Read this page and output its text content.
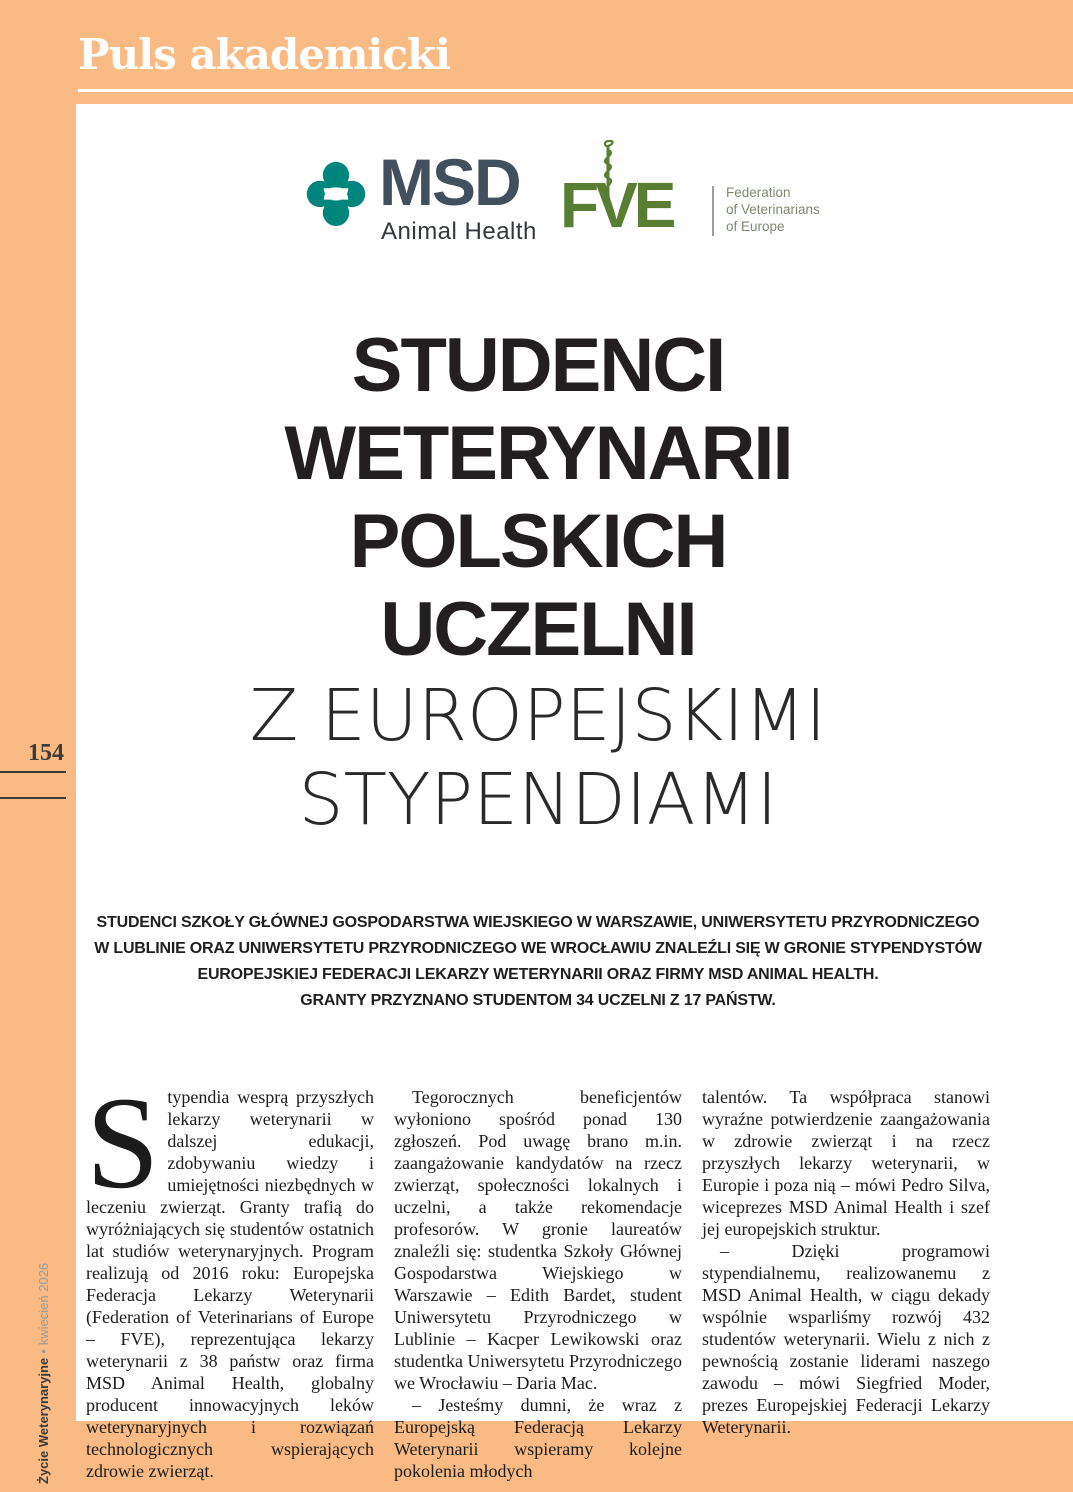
Puls akademicki
154
Życie Weterynaryjne•kwiecień 2026
MSD
Animal Health FVE	Federation
of Veterinarians
of Europe
STUDENCI
WETERYNARII
POLSKICH
UCZELNI
Z EUROPEJSKIMI
STYPENDIAMI
STUDENCI SZKOŁY GŁÓWNEJ GOSPODARSTWA WIEJSKIEGO W WARSZAWIE, UNIWERSYTETU PRZYRODNICZEGO
W LUBLINIE ORAZ UNIWERSYTETU PRZYRODNICZEGO WE WROCŁAWIU ZNALEŹLI SIĘ W GRONIE STYPENDYSTÓW
EUROPEJSKIEJ FEDERACJI LEKARZY WETERYNARII ORAZ FIRMY MSD ANIMAL HEALTH.
GRANTY PRZYZNANO STUDENTOM 34 UCZELNI Z 17 PAŃSTW.

Stypendia wesprą przyszłych lekarzy weterynarii w dalszej edukacji, zdobywaniu wiedzy i umiejętności niezbędnych w leczeniu zwierząt. Granty trafią do wyróżniających się studentów ostatnich lat studiów weterynaryjnych. Program realizują od 2016 roku: Europejska Federacja Lekarzy Weterynarii (Federation of Veterinarians of Europe – FVE), reprezentująca lekarzy weterynarii z 38 państw oraz firma MSD Animal Health, globalny producent innowacyjnych leków weterynaryjnych i rozwiązań technologicznych wspierających zdrowie zwierząt.

Tegorocznych beneficjentów wyłoniono spośród ponad 130 zgłoszeń. Pod uwagę brano m.in. zaangażowanie kandydatów na rzecz zwierząt, społeczności lokalnych i uczelni, a także rekomendacje profesorów. W gronie laureatów znaleźli się: studentka Szkoły Głównej Gospodarstwa Wiejskiego w Warszawie – Edith Bardet, student Uniwersytetu Przyrodniczego w Lublinie – Kacper Lewikowski oraz studentka Uniwersytetu Przyrodniczego we Wrocławiu – Daria Mac.

– Jesteśmy dumni, że wraz z Europejską Federacją Lekarzy Weterynarii wspieramy kolejne pokolenia młodych

talentów. Ta współpraca stanowi wyraźne potwierdzenie zaangażowania w zdrowie zwierząt i na rzecz przyszłych lekarzy weterynarii, w Europie i poza nią – mówi Pedro Silva, wiceprezes MSD Animal Health i szef jej europejskich struktur.

– Dzięki programowi stypendialnemu, realizowanemu z MSD Animal Health, w ciągu dekady wspólnie wsparliśmy rozwój 432 studentów weterynarii. Wielu z nich z pewnością zostanie liderami naszego zawodu – mówi Siegfried Moder, prezes Europejskiej Federacji Lekarzy Weterynarii.
